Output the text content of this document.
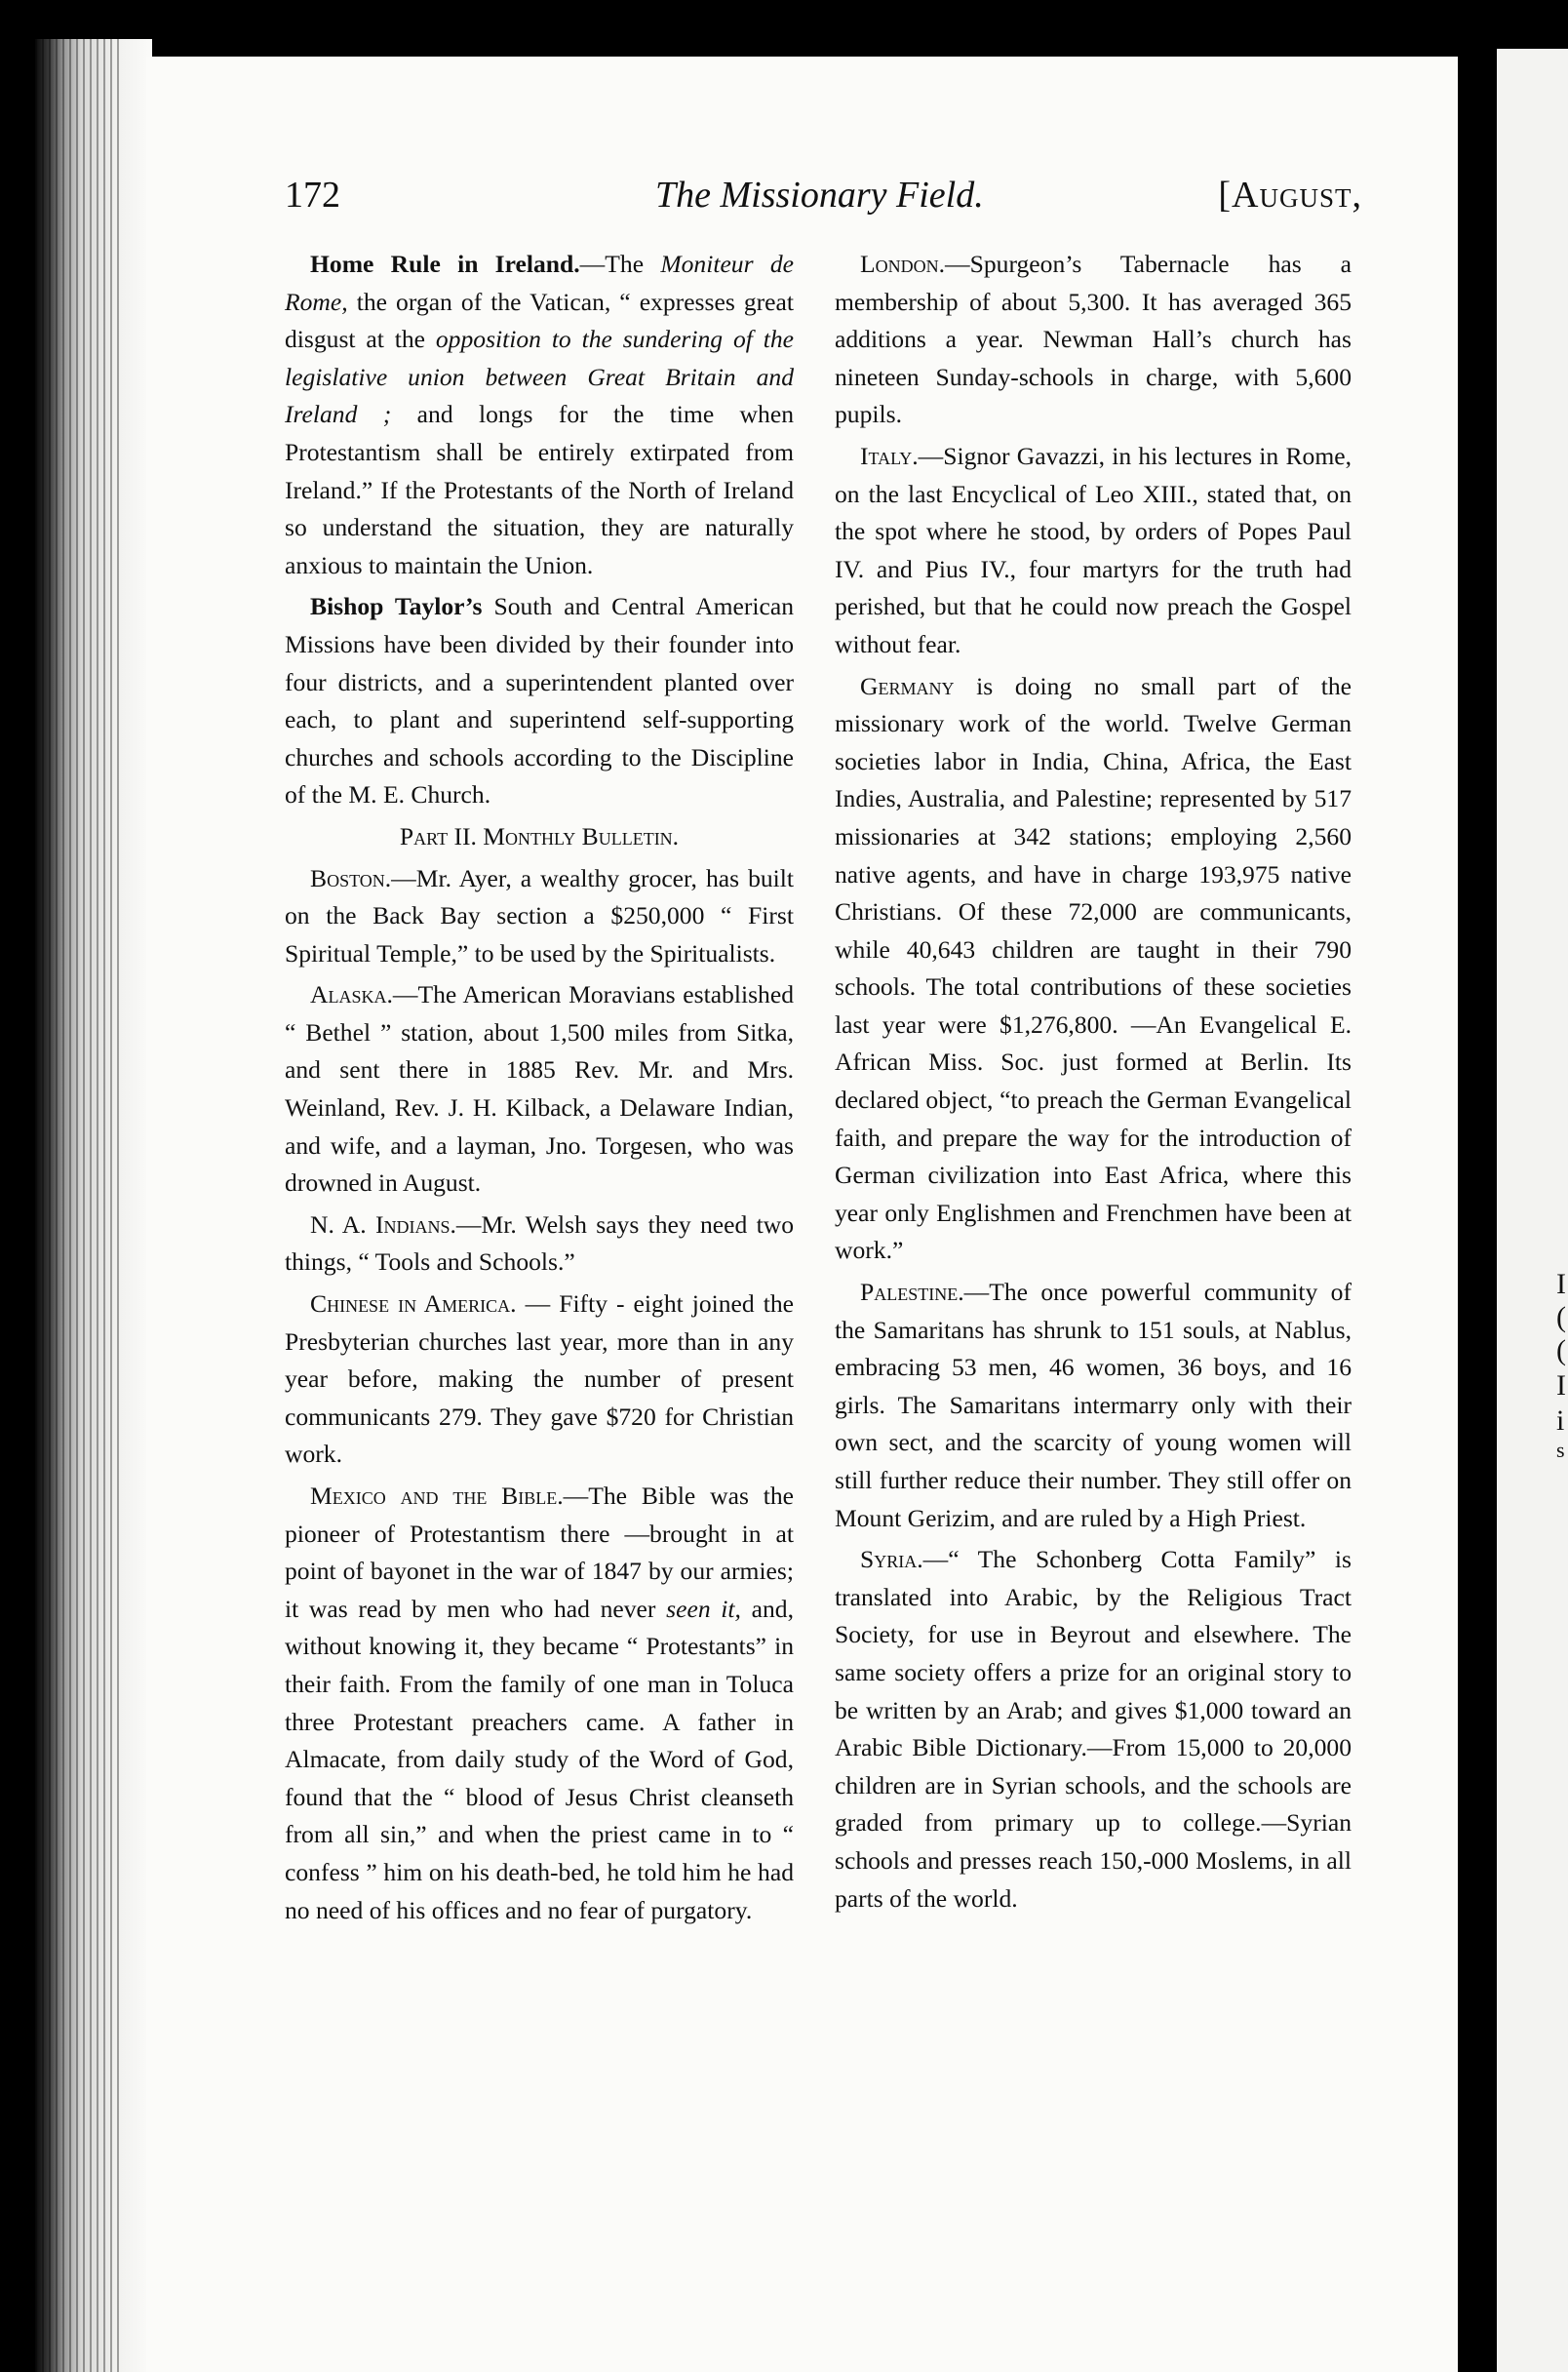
I
(
(
I
i
s
172	The Missionary Field.	[August,

Home Rule in Ireland.—The Moniteur de Rome, the organ of the Vatican, “ expresses great disgust at the opposition to the sundering of the legislative union between Great Britain and Ireland ; and longs for the time when Protestantism shall be entirely extirpated from Ireland.” If the Protestants of the North of Ireland so understand the situation, they are naturally anxious to maintain the Union.

Bishop Taylor’s South and Central American Missions have been divided by their founder into four districts, and a superintendent planted over each, to plant and superintend self-supporting churches and schools according to the Discipline of the M. E. Church.

Part II. Monthly Bulletin.

Boston.—Mr. Ayer, a wealthy grocer, has built on the Back Bay section a $250,000 “ First Spiritual Temple,” to be used by the Spiritualists.

Alaska.—The American Moravians established “ Bethel ” station, about 1,500 miles from Sitka, and sent there in 1885 Rev. Mr. and Mrs. Weinland, Rev. J. H. Kilback, a Delaware Indian, and wife, and a layman, Jno. Torgesen, who was drowned in August.

N. A. Indians.—Mr. Welsh says they need two things, “ Tools and Schools.”

Chinese in America. — Fifty - eight joined the Presbyterian churches last year, more than in any year before, making the number of present communicants 279. They gave $720 for Christian work.

Mexico and the Bible.—The Bible was the pioneer of Protestantism there —brought in at point of bayonet in the war of 1847 by our armies; it was read by men who had never seen it, and, without knowing it, they became “ Protestants” in their faith. From the family of one man in Toluca three Protestant preachers came. A father in Almacate, from daily study of the Word of God, found that the “ blood of Jesus Christ cleanseth from all sin,” and when the priest came in to “ confess ” him on his death-bed, he told him he had no need of his offices and no fear of purgatory.

London.—Spurgeon’s Tabernacle has a membership of about 5,300. It has averaged 365 additions a year. Newman Hall’s church has nineteen Sunday-schools in charge, with 5,600 pupils.

Italy.—Signor Gavazzi, in his lectures in Rome, on the last Encyclical of Leo XIII., stated that, on the spot where he stood, by orders of Popes Paul IV. and Pius IV., four martyrs for the truth had perished, but that he could now preach the Gospel without fear.

Germany is doing no small part of the missionary work of the world. Twelve German societies labor in India, China, Africa, the East Indies, Australia, and Palestine; represented by 517 missionaries at 342 stations; employing 2,560 native agents, and have in charge 193,975 native Christians. Of these 72,000 are communicants, while 40,643 children are taught in their 790 schools. The total contributions of these societies last year were $1,276,800. —An Evangelical E. African Miss. Soc. just formed at Berlin. Its declared object, “to preach the German Evangelical faith, and prepare the way for the introduction of German civilization into East Africa, where this year only Englishmen and Frenchmen have been at work.”

Palestine.—The once powerful community of the Samaritans has shrunk to 151 souls, at Nablus, embracing 53 men, 46 women, 36 boys, and 16 girls. The Samaritans intermarry only with their own sect, and the scarcity of young women will still further reduce their number. They still offer on Mount Gerizim, and are ruled by a High Priest.

Syria.—“ The Schonberg Cotta Family” is translated into Arabic, by the Religious Tract Society, for use in Beyrout and elsewhere. The same society offers a prize for an original story to be written by an Arab; and gives $1,000 toward an Arabic Bible Dictionary.—From 15,000 to 20,000 children are in Syrian schools, and the schools are graded from primary up to college.—Syrian schools and presses reach 150,-000 Moslems, in all parts of the world.
